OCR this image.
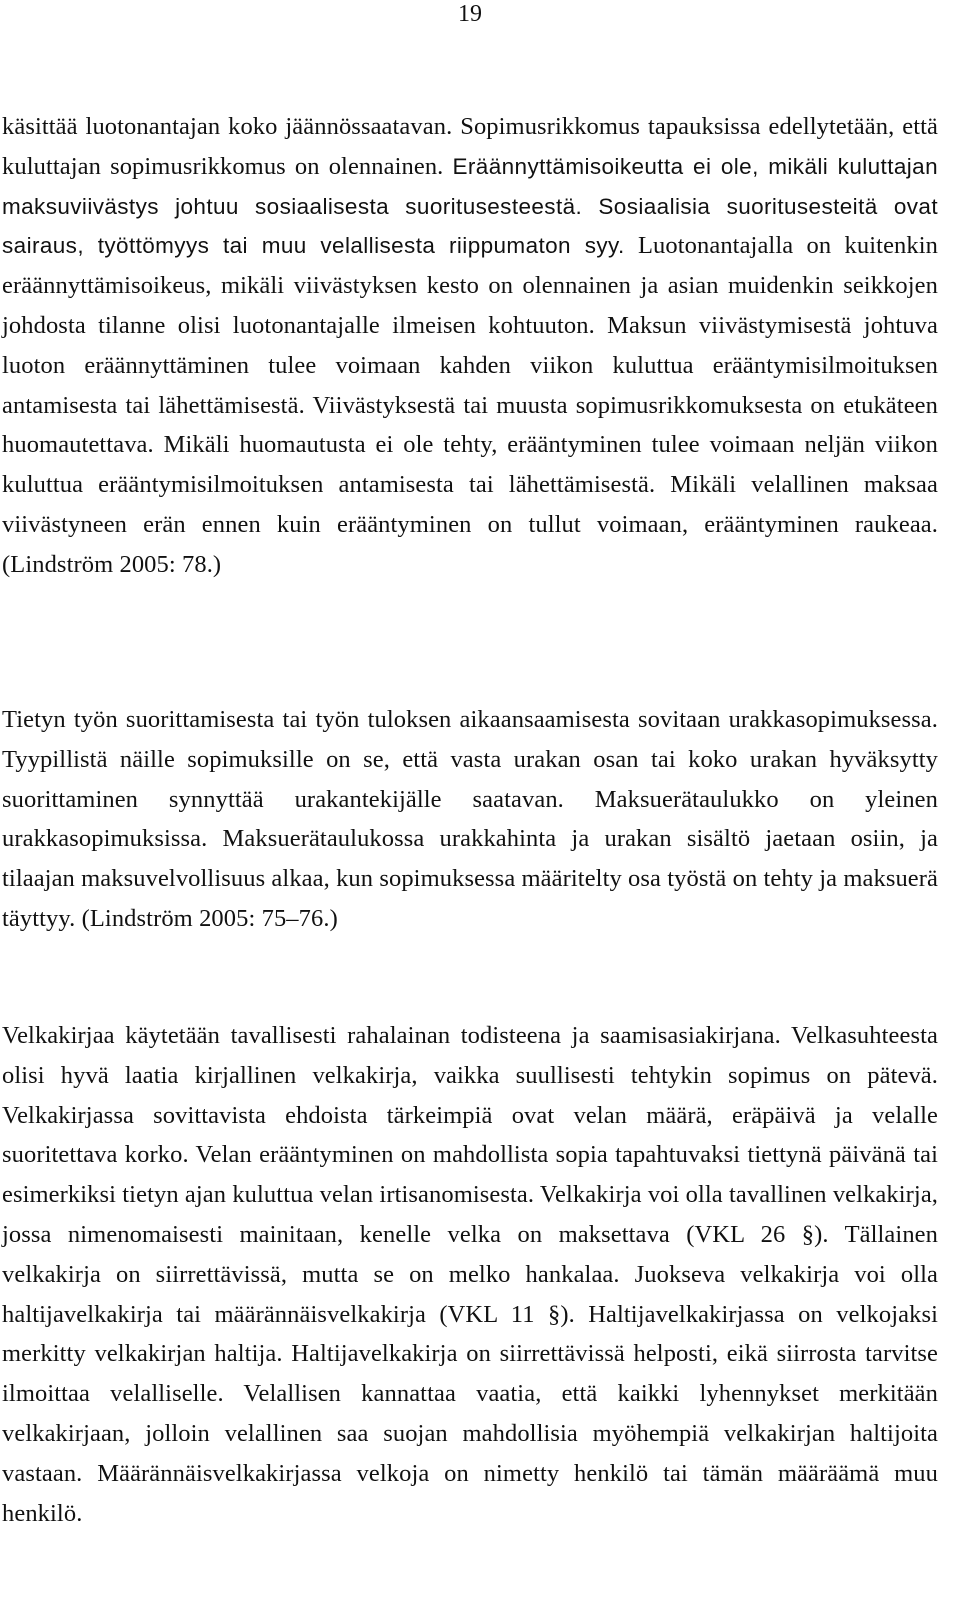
19

käsittää luotonantajan koko jäännössaatavan. Sopimusrikkomus tapauksissa edellytetään, että kuluttajan sopimusrikkomus on olennainen. Eräännyttämisoikeutta ei ole, mikäli kuluttajan maksuviivästys johtuu sosiaalisesta suoritusesteestä. Sosiaalisia suoritusesteitä ovat sairaus, työttömyys tai muu velallisesta riippumaton syy. Luotonantajalla on kuitenkin eräännyttämisoikeus, mikäli viivästyksen kesto on olennainen ja asian muidenkin seikkojen johdosta tilanne olisi luotonantajalle ilmeisen kohtuuton. Maksun viivästymisestä johtuva luoton eräännyttäminen tulee voimaan kahden viikon kuluttua erääntymisilmoituksen antamisesta tai lähettämisestä. Viivästyksestä tai muusta sopimusrikkomuksesta on etukäteen huomautettava. Mikäli huomautusta ei ole tehty, erääntyminen tulee voimaan neljän viikon kuluttua erääntymisilmoituksen antamisesta tai lähettämisestä. Mikäli velallinen maksaa viivästyneen erän ennen kuin erääntyminen on tullut voimaan, erääntyminen raukeaa. (Lindström 2005: 78.)

Tietyn työn suorittamisesta tai työn tuloksen aikaansaamisesta sovitaan urakkasopimuksessa. Tyypillistä näille sopimuksille on se, että vasta urakan osan tai koko urakan hyväksytty suorittaminen synnyttää urakantekijälle saatavan. Maksuerätaulukko on yleinen urakkasopimuksissa. Maksuerätaulukossa urakkahinta ja urakan sisältö jaetaan osiin, ja tilaajan maksuvelvollisuus alkaa, kun sopimuksessa määritelty osa työstä on tehty ja maksuerä täyttyy. (Lindström 2005: 75–76.)

Velkakirjaa käytetään tavallisesti rahalainan todisteena ja saamisasiakirjana. Velkasuhteesta olisi hyvä laatia kirjallinen velkakirja, vaikka suullisesti tehtykin sopimus on pätevä. Velkakirjassa sovittavista ehdoista tärkeimpiä ovat velan määrä, eräpäivä ja velalle suoritettava korko. Velan erääntyminen on mahdollista sopia tapahtuvaksi tiettynä päivänä tai esimerkiksi tietyn ajan kuluttua velan irtisanomisesta. Velkakirja voi olla tavallinen velkakirja, jossa nimenomaisesti mainitaan, kenelle velka on maksettava (VKL 26 §). Tällainen velkakirja on siirrettävissä, mutta se on melko hankalaa. Juokseva velkakirja voi olla haltijavelkakirja tai määrännäisvelkakirja (VKL 11 §). Haltijavelkakirjassa on velkojaksi merkitty velkakirjan haltija. Haltijavelkakirja on siirrettävissä helposti, eikä siirrosta tarvitse ilmoittaa velalliselle. Velallisen kannattaa vaatia, että kaikki lyhennykset merkitään velkakirjaan, jolloin velallinen saa suojan mahdollisia myöhempiä velkakirjan haltijoita vastaan. Määrännäisvelkakirjassa velkoja on nimetty henkilö tai tämän määräämä muu henkilö.
